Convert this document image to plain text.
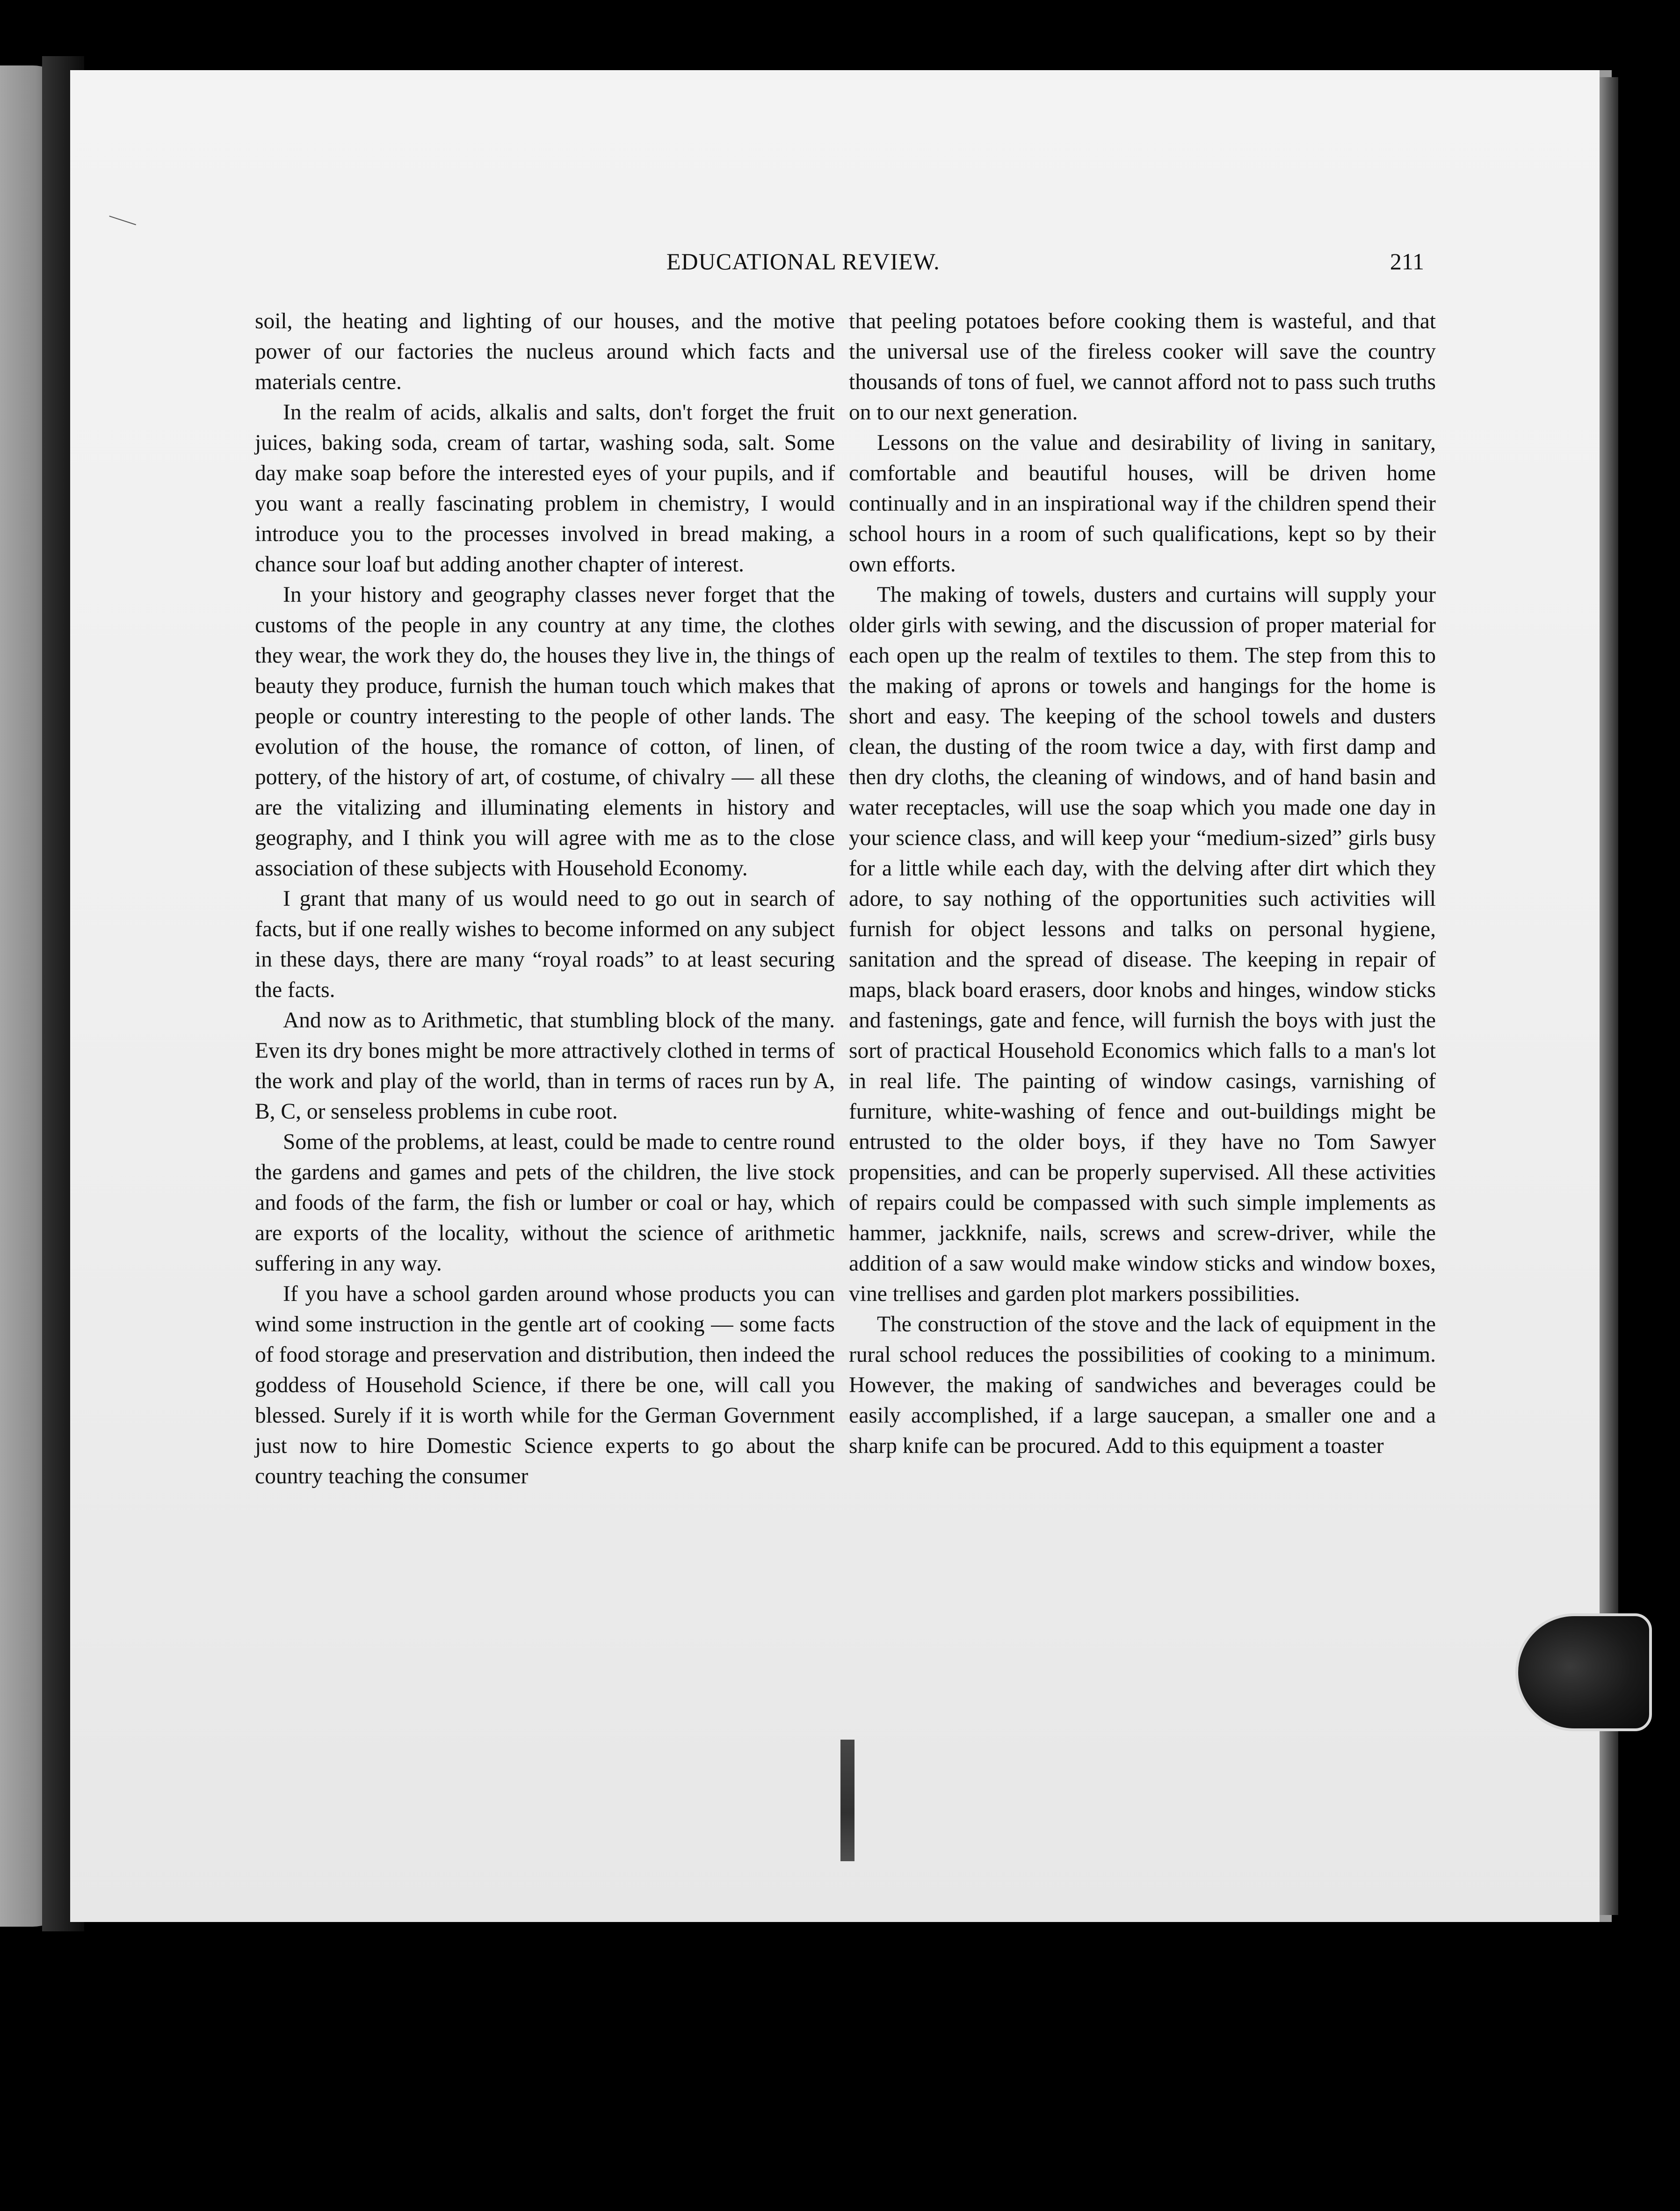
EDUCATIONAL REVIEW.	211

soil, the heating and lighting of our houses, and the motive power of our factories the nucleus around which facts and materials centre.

In the realm of acids, alkalis and salts, don't forget the fruit juices, baking soda, cream of tartar, washing soda, salt. Some day make soap before the interested eyes of your pupils, and if you want a really fascinating problem in chemistry, I would introduce you to the processes involved in bread making, a chance sour loaf but adding another chapter of interest.

In your history and geography classes never forget that the customs of the people in any country at any time, the clothes they wear, the work they do, the houses they live in, the things of beauty they produce, furnish the human touch which makes that people or country interesting to the people of other lands. The evolution of the house, the romance of cotton, of linen, of pottery, of the history of art, of costume, of chivalry — all these are the vitalizing and illuminating elements in history and geography, and I think you will agree with me as to the close association of these subjects with Household Economy.

I grant that many of us would need to go out in search of facts, but if one really wishes to become informed on any subject in these days, there are many “royal roads” to at least securing the facts.

And now as to Arithmetic, that stumbling block of the many. Even its dry bones might be more attractively clothed in terms of the work and play of the world, than in terms of races run by A, B, C, or senseless problems in cube root.

Some of the problems, at least, could be made to centre round the gardens and games and pets of the children, the live stock and foods of the farm, the fish or lumber or coal or hay, which are exports of the locality, without the science of arithmetic suffering in any way.

If you have a school garden around whose products you can wind some instruction in the gentle art of cooking — some facts of food storage and preservation and distribution, then indeed the goddess of Household Science, if there be one, will call you blessed. Surely if it is worth while for the German Government just now to hire Domestic Science experts to go about the country teaching the consumer

that peeling potatoes before cooking them is wasteful, and that the universal use of the fireless cooker will save the country thousands of tons of fuel, we cannot afford not to pass such truths on to our next generation.

Lessons on the value and desirability of living in sanitary, comfortable and beautiful houses, will be driven home continually and in an inspirational way if the children spend their school hours in a room of such qualifications, kept so by their own efforts.

The making of towels, dusters and curtains will supply your older girls with sewing, and the discussion of proper material for each open up the realm of textiles to them. The step from this to the making of aprons or towels and hangings for the home is short and easy. The keeping of the school towels and dusters clean, the dusting of the room twice a day, with first damp and then dry cloths, the cleaning of windows, and of hand basin and water receptacles, will use the soap which you made one day in your science class, and will keep your “medium-sized” girls busy for a little while each day, with the delving after dirt which they adore, to say nothing of the opportunities such activities will furnish for object lessons and talks on personal hygiene, sanitation and the spread of disease. The keeping in repair of maps, black board erasers, door knobs and hinges, window sticks and fastenings, gate and fence, will furnish the boys with just the sort of practical Household Economics which falls to a man's lot in real life. The painting of window casings, varnishing of furniture, white-washing of fence and out-buildings might be entrusted to the older boys, if they have no Tom Sawyer propensities, and can be properly supervised. All these activities of repairs could be compassed with such simple implements as hammer, jackknife, nails, screws and screw-driver, while the addition of a saw would make window sticks and window boxes, vine trellises and garden plot markers possibilities.

The construction of the stove and the lack of equipment in the rural school reduces the possibilities of cooking to a minimum. However, the making of sandwiches and beverages could be easily accomplished, if a large saucepan, a smaller one and a sharp knife can be procured. Add to this equipment a toaster
